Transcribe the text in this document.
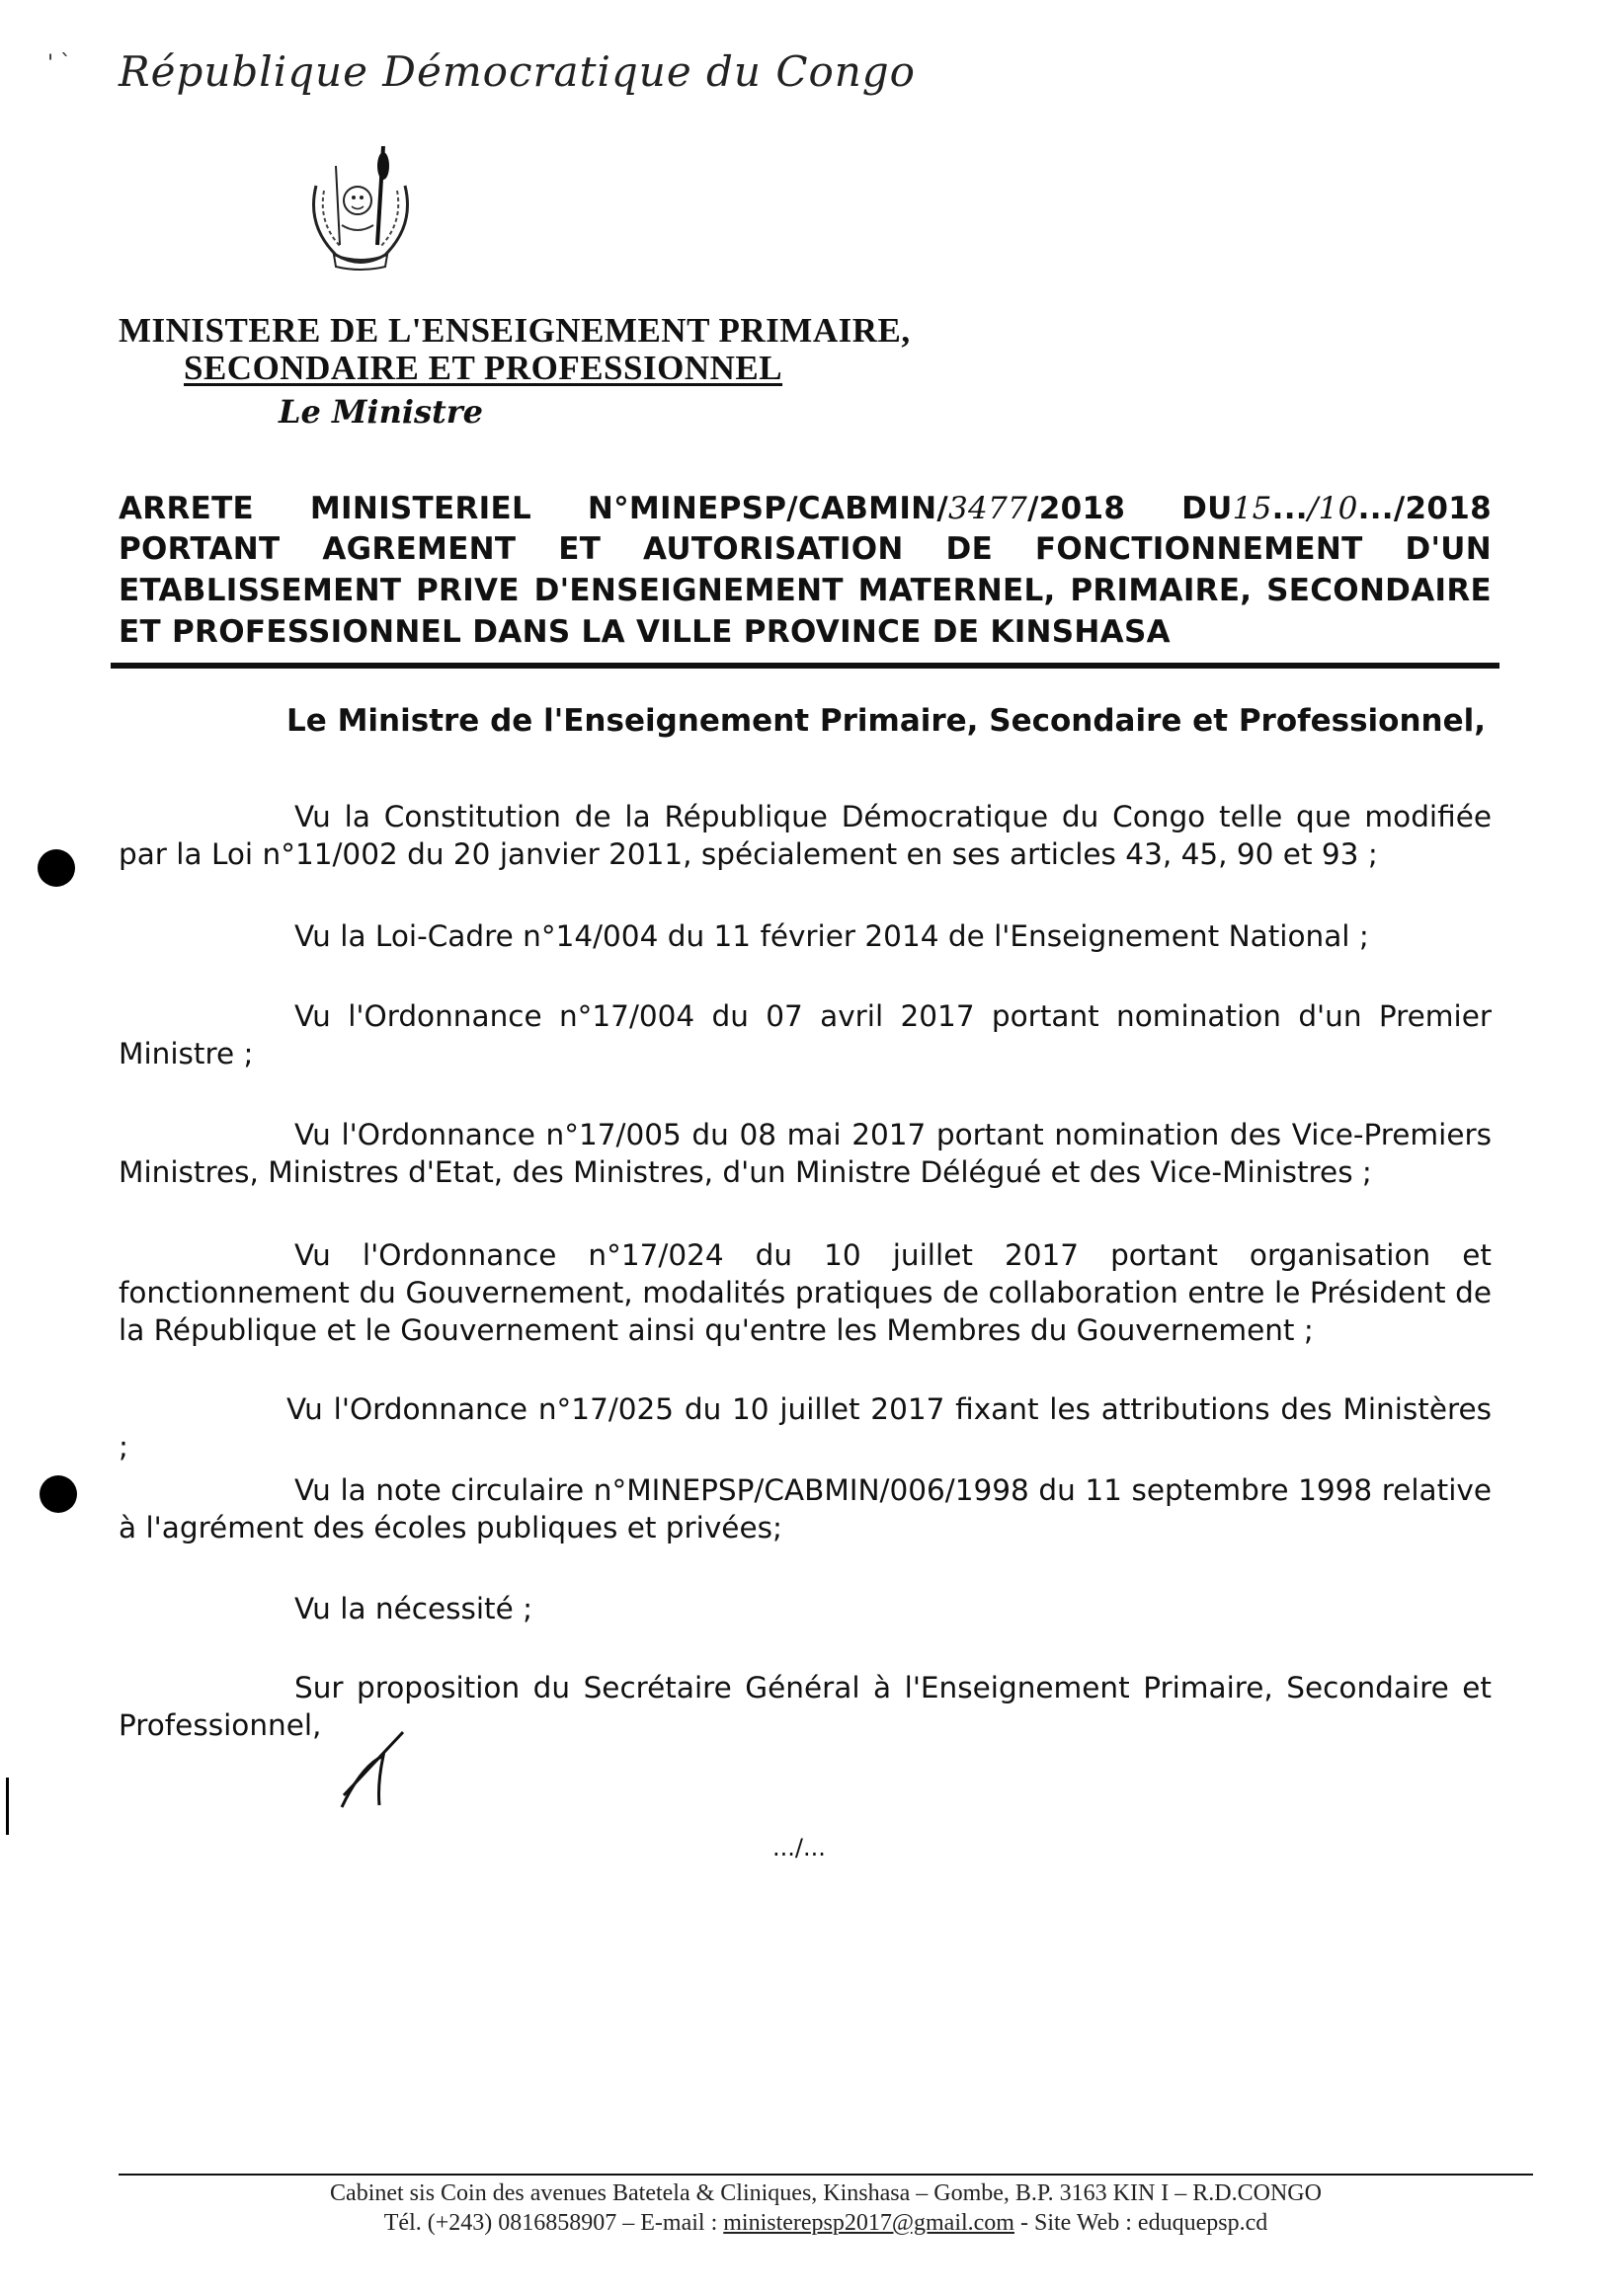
' ` République Démocratique du Congo
MINISTERE DE L'ENSEIGNEMENT PRIMAIRE,
SECONDAIRE ET PROFESSIONNEL
Le Ministre
ARRETE MINISTERIEL N°MINEPSP/CABMIN/3477/2018 DU15.../10.../2018
PORTANT AGREMENT ET AUTORISATION DE FONCTIONNEMENT D'UN
ETABLISSEMENT PRIVE D'ENSEIGNEMENT MATERNEL, PRIMAIRE, SECONDAIRE
ET PROFESSIONNEL DANS LA VILLE PROVINCE DE KINSHASA
Le Ministre de l'Enseignement Primaire, Secondaire et Professionnel,
Vu la Constitution de la République Démocratique du Congo telle que modifiée par la Loi n°11/002 du 20 janvier 2011, spécialement en ses articles 43, 45, 90 et 93 ;
Vu la Loi-Cadre n°14/004 du 11 février 2014 de l'Enseignement National ;
Vu l'Ordonnance n°17/004 du 07 avril 2017 portant nomination d'un Premier Ministre ;
Vu l'Ordonnance n°17/005 du 08 mai 2017 portant nomination des Vice-Premiers Ministres, Ministres d'Etat, des Ministres, d'un Ministre Délégué et des Vice-Ministres ;
Vu l'Ordonnance n°17/024 du 10 juillet 2017 portant organisation et fonctionnement du Gouvernement, modalités pratiques de collaboration entre le Président de la République et le Gouvernement ainsi qu'entre les Membres du Gouvernement ;
Vu l'Ordonnance n°17/025 du 10 juillet 2017 fixant les attributions des Ministères ;
Vu la note circulaire n°MINEPSP/CABMIN/006/1998 du 11 septembre 1998 relative à l'agrément des écoles publiques et privées;
Vu la nécessité ;
Sur proposition du Secrétaire Général à l'Enseignement Primaire, Secondaire et Professionnel,
.../...
Cabinet sis Coin des avenues Batetela & Cliniques, Kinshasa – Gombe, B.P. 3163 KIN I – R.D.CONGO
Tél. (+243) 0816858907 – E-mail : ministerepsp2017@gmail.com - Site Web : eduquepsp.cd
